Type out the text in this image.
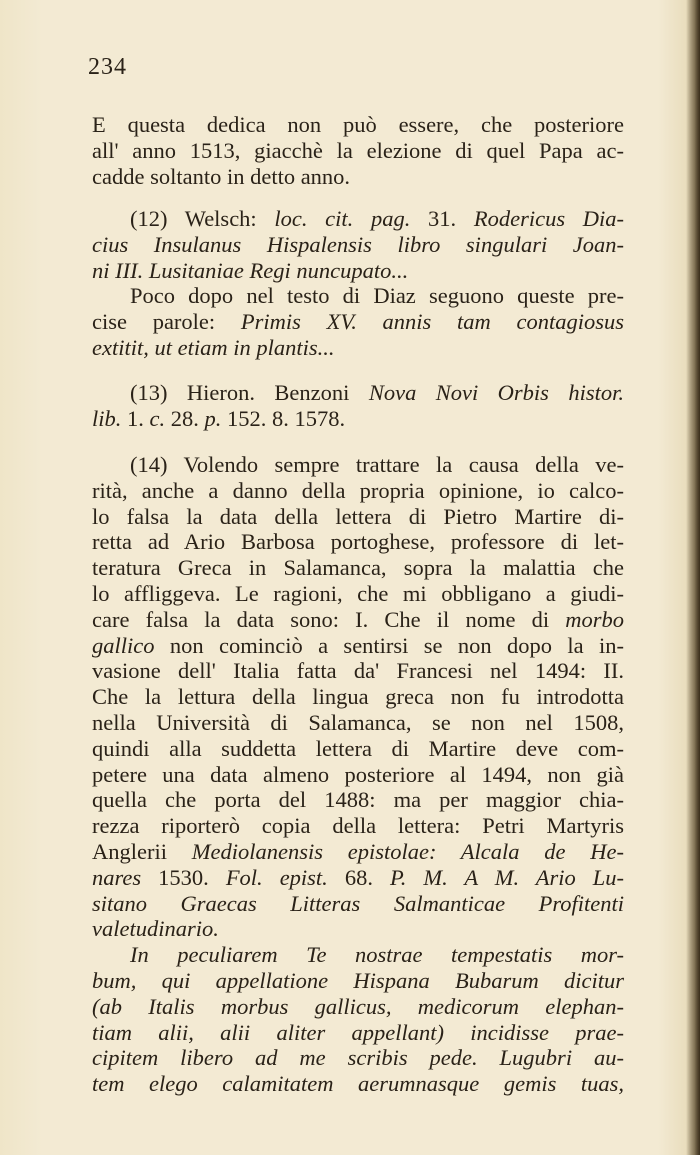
234
E questa dedica non può essere, che posteriore
all' anno 1513, giacchè la elezione di quel Papa ac-
cadde soltanto in detto anno.
(12) Welsch: loc. cit. pag. 31. Rodericus Dia-
cius Insulanus Hispalensis libro singulari Joan-
ni III. Lusitaniae Regi nuncupato...
Poco dopo nel testo di Diaz seguono queste pre-
cise parole: Primis XV. annis tam contagiosus
extitit, ut etiam in plantis...
(13) Hieron. Benzoni Nova Novi Orbis histor.
lib. 1. c. 28. p. 152. 8. 1578.
(14) Volendo sempre trattare la causa della ve-
rità, anche a danno della propria opinione, io calco-
lo falsa la data della lettera di Pietro Martire di-
retta ad Ario Barbosa portoghese, professore di let-
teratura Greca in Salamanca, sopra la malattia che
lo affliggeva. Le ragioni, che mi obbligano a giudi-
care falsa la data sono: I. Che il nome di morbo
gallico non cominciò a sentirsi se non dopo la in-
vasione dell' Italia fatta da' Francesi nel 1494: II.
Che la lettura della lingua greca non fu introdotta
nella Università di Salamanca, se non nel 1508,
quindi alla suddetta lettera di Martire deve com-
petere una data almeno posteriore al 1494, non già
quella che porta del 1488: ma per maggior chia-
rezza riporterò copia della lettera: Petri Martyris
Anglerii Mediolanensis epistolae: Alcala de He-
nares 1530. Fol. epist. 68. P. M. A M. Ario Lu-
sitano Graecas Litteras Salmanticae Profitenti
valetudinario.
In peculiarem Te nostrae tempestatis mor-
bum, qui appellatione Hispana Bubarum dicitur
(ab Italis morbus gallicus, medicorum elephan-
tiam alii, alii aliter appellant) incidisse prae-
cipitem libero ad me scribis pede. Lugubri au-
tem elego calamitatem aerumnasque gemis tuas,
